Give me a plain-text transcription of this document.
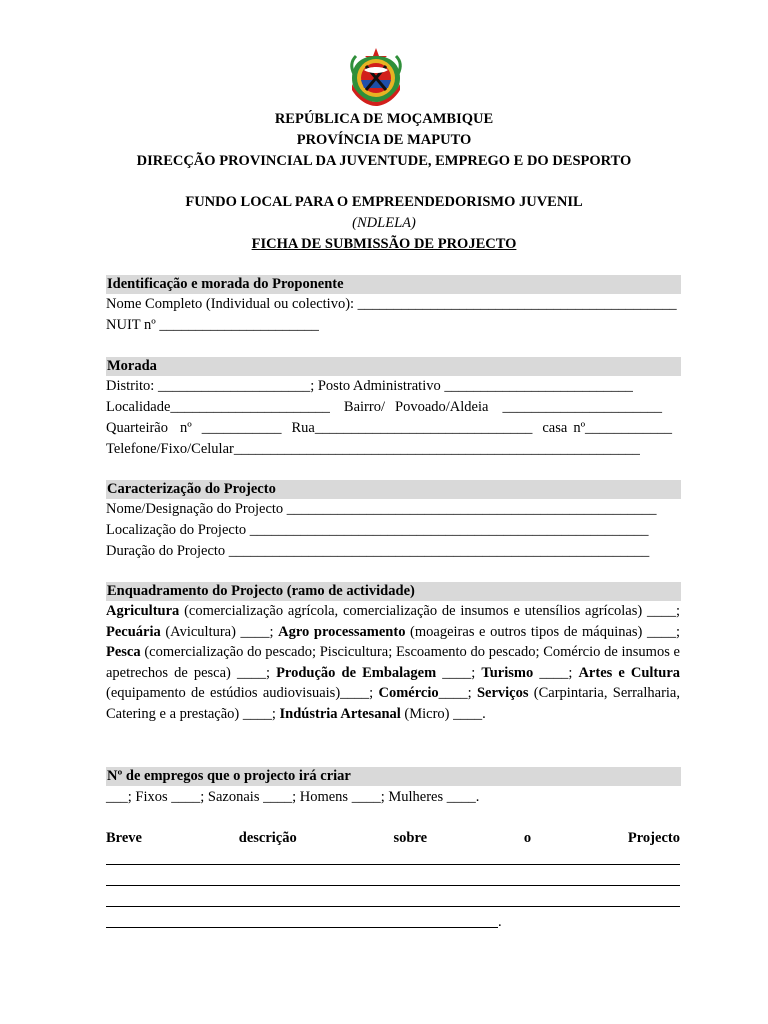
REPÚBLICA DE MOÇAMBIQUE
PROVÍNCIA DE MAPUTO
DIRECÇÃO PROVINCIAL DA JUVENTUDE, EMPREGO E DO DESPORTO
FUNDO LOCAL PARA O EMPREENDEDORISMO JUVENIL
(NDLELA)
FICHA DE SUBMISSÃO DE PROJECTO
Identificação e morada do Proponente
Nome Completo (Individual ou colectivo): ____________________________________________
NUIT nº ______________________
Morada
Distrito: _____________________; Posto Administrativo __________________________
Localidade______________________ Bairro/ Povoado/Aldeia ______________________
Quarteirão nº ___________ Rua______________________________ casa nº____________
Telefone/Fixo/Celular________________________________________________________
Caracterização do Projecto
Nome/Designação do Projecto ___________________________________________________
Localização do Projecto _______________________________________________________
Duração do Projecto __________________________________________________________
Enquadramento do Projecto (ramo de actividade)
Agricultura (comercialização agrícola, comercialização de insumos e utensílios agrícolas) ____; Pecuária (Avicultura) ____; Agro processamento (moageiras e outros tipos de máquinas) ____; Pesca (comercialização do pescado; Piscicultura; Escoamento do pescado; Comércio de insumos e apetrechos de pesca) ____; Produção de Embalagem ____; Turismo ____; Artes e Cultura (equipamento de estúdios audiovisuais)____; Comércio____; Serviços (Carpintaria, Serralharia, Catering e a prestação) ____; Indústria Artesanal (Micro) ____.
Nº de empregos que o projecto irá criar
___; Fixos ____; Sazonais ____; Homens ____; Mulheres ____.
Breve	descrição	sobre	o	Projecto
.
